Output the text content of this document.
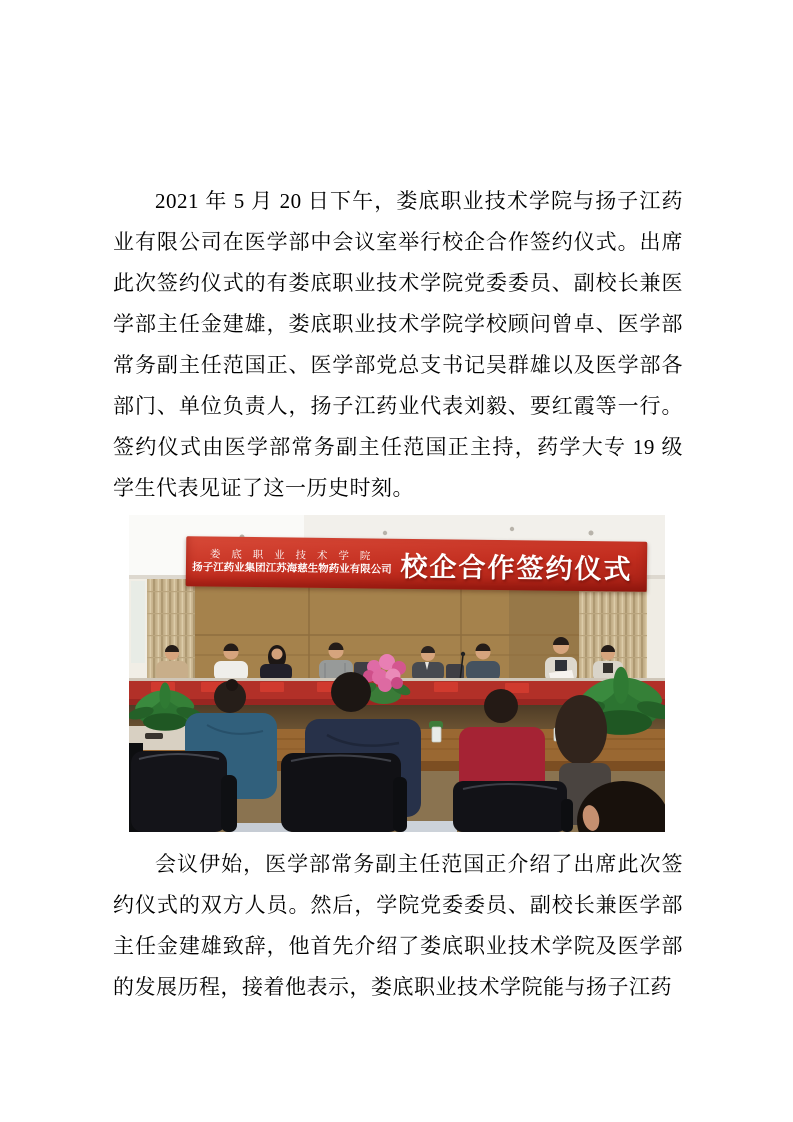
2021 年 5 月 20 日下午，娄底职业技术学院与扬子江药业有限公司在医学部中会议室举行校企合作签约仪式。出席此次签约仪式的有娄底职业技术学院党委委员、副校长兼医学部主任金建雄，娄底职业技术学院学校顾问曾卓、医学部常务副主任范国正、医学部党总支书记吴群雄以及医学部各部门、单位负责人，扬子江药业代表刘毅、要红霞等一行。签约仪式由医学部常务副主任范国正主持，药学大专 19 级学生代表见证了这一历史时刻。

娄 底 职 业 技 术 学 院
扬子江药业集团江苏海慈生物药业有限公司 校企合作签约仪式

会议伊始，医学部常务副主任范国正介绍了出席此次签约仪式的双方人员。然后，学院党委委员、副校长兼医学部主任金建雄致辞，他首先介绍了娄底职业技术学院及医学部的发展历程，接着他表示，娄底职业技术学院能与扬子江药
